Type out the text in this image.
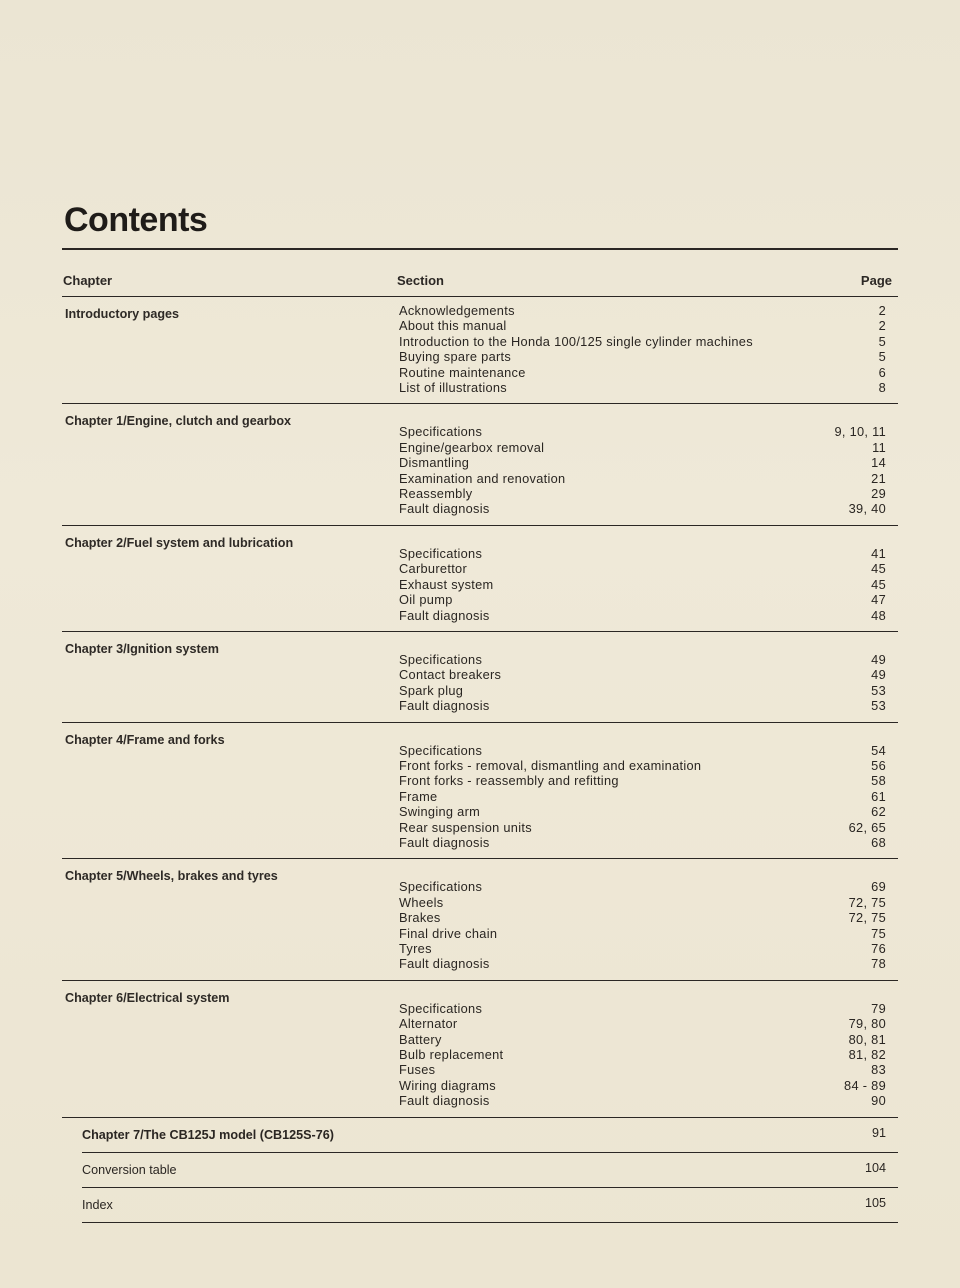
Contents
Chapter	Section	Page
Introductory pages	Acknowledgements	2
About this manual	2
Introduction to the Honda 100/125 single cylinder machines	5
Buying spare parts	5
Routine maintenance	6
List of illustrations	8
Chapter 1/Engine, clutch and gearbox
Specifications	9, 10, 11
Engine/gearbox removal	11
Dismantling	14
Examination and renovation	21
Reassembly	29
Fault diagnosis	39, 40
Chapter 2/Fuel system and lubrication
Specifications	41
Carburettor	45
Exhaust system	45
Oil pump	47
Fault diagnosis	48
Chapter 3/Ignition system
Specifications	49
Contact breakers	49
Spark plug	53
Fault diagnosis	53
Chapter 4/Frame and forks
Specifications	54
Front forks - removal, dismantling and examination	56
Front forks - reassembly and refitting	58
Frame	61
Swinging arm	62
Rear suspension units	62, 65
Fault diagnosis	68
Chapter 5/Wheels, brakes and tyres
Specifications	69
Wheels	72, 75
Brakes	72, 75
Final drive chain	75
Tyres	76
Fault diagnosis	78
Chapter 6/Electrical system
Specifications	79
Alternator	79, 80
Battery	80, 81
Bulb replacement	81, 82
Fuses	83
Wiring diagrams	84 - 89
Fault diagnosis	90
Chapter 7/The CB125J model (CB125S-76)	91
Conversion table	104
Index	105
